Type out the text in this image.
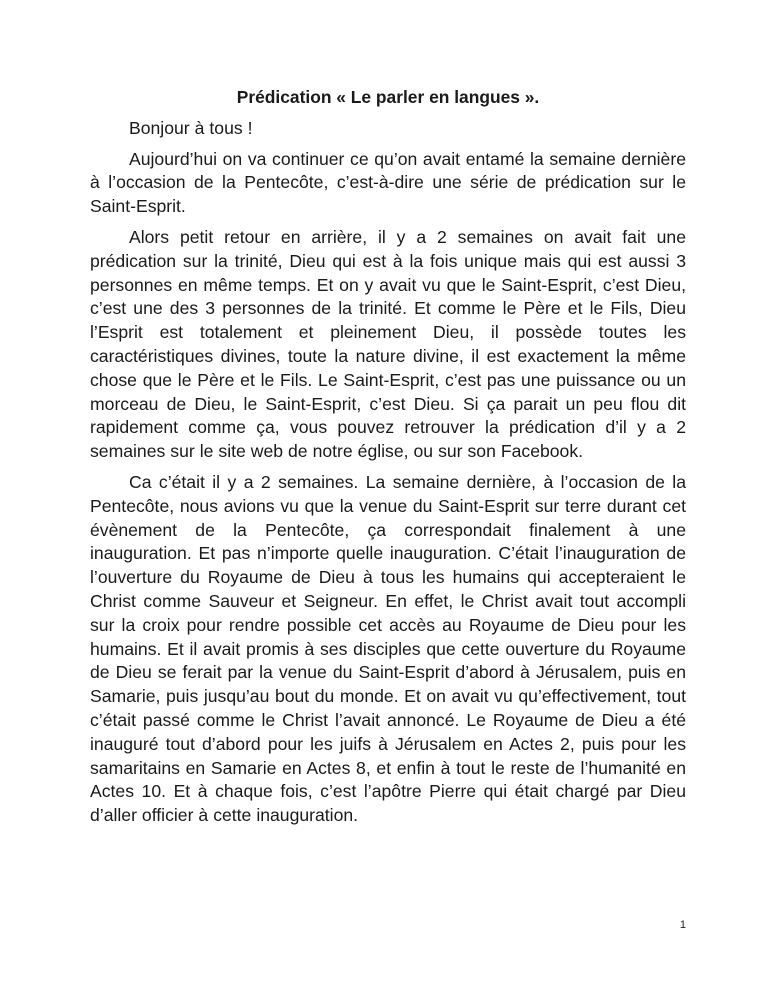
Prédication « Le parler en langues ».

Bonjour à tous !

Aujourd’hui on va continuer ce qu’on avait entamé la semaine dernière à l’occasion de la Pentecôte, c’est-à-dire une série de prédication sur le Saint-Esprit.

Alors petit retour en arrière, il y a 2 semaines on avait fait une prédication sur la trinité, Dieu qui est à la fois unique mais qui est aussi 3 personnes en même temps. Et on y avait vu que le Saint-Esprit, c’est Dieu, c’est une des 3 personnes de la trinité. Et comme le Père et le Fils, Dieu l’Esprit est totalement et pleinement Dieu, il possède toutes les caractéristiques divines, toute la nature divine, il est exactement la même chose que le Père et le Fils. Le Saint-Esprit, c’est pas une puissance ou un morceau de Dieu, le Saint-Esprit, c’est Dieu. Si ça parait un peu flou dit rapidement comme ça, vous pouvez retrouver la prédication d’il y a 2 semaines sur le site web de notre église, ou sur son Facebook.

Ca c’était il y a 2 semaines. La semaine dernière, à l’occasion de la Pentecôte, nous avions vu que la venue du Saint-Esprit sur terre durant cet évènement de la Pentecôte, ça correspondait finalement à une inauguration. Et pas n’importe quelle inauguration. C’était l’inauguration de l’ouverture du Royaume de Dieu à tous les humains qui accepteraient le Christ comme Sauveur et Seigneur. En effet, le Christ avait tout accompli sur la croix pour rendre possible cet accès au Royaume de Dieu pour les humains. Et il avait promis à ses disciples que cette ouverture du Royaume de Dieu se ferait par la venue du Saint-Esprit d’abord à Jérusalem, puis en Samarie, puis jusqu’au bout du monde. Et on avait vu qu’effectivement, tout c’était passé comme le Christ l’avait annoncé. Le Royaume de Dieu a été inauguré tout d’abord pour les juifs à Jérusalem en Actes 2, puis pour les samaritains en Samarie en Actes 8, et enfin à tout le reste de l’humanité en Actes 10. Et à chaque fois, c’est l’apôtre Pierre qui était chargé par Dieu d’aller officier à cette inauguration.

1
